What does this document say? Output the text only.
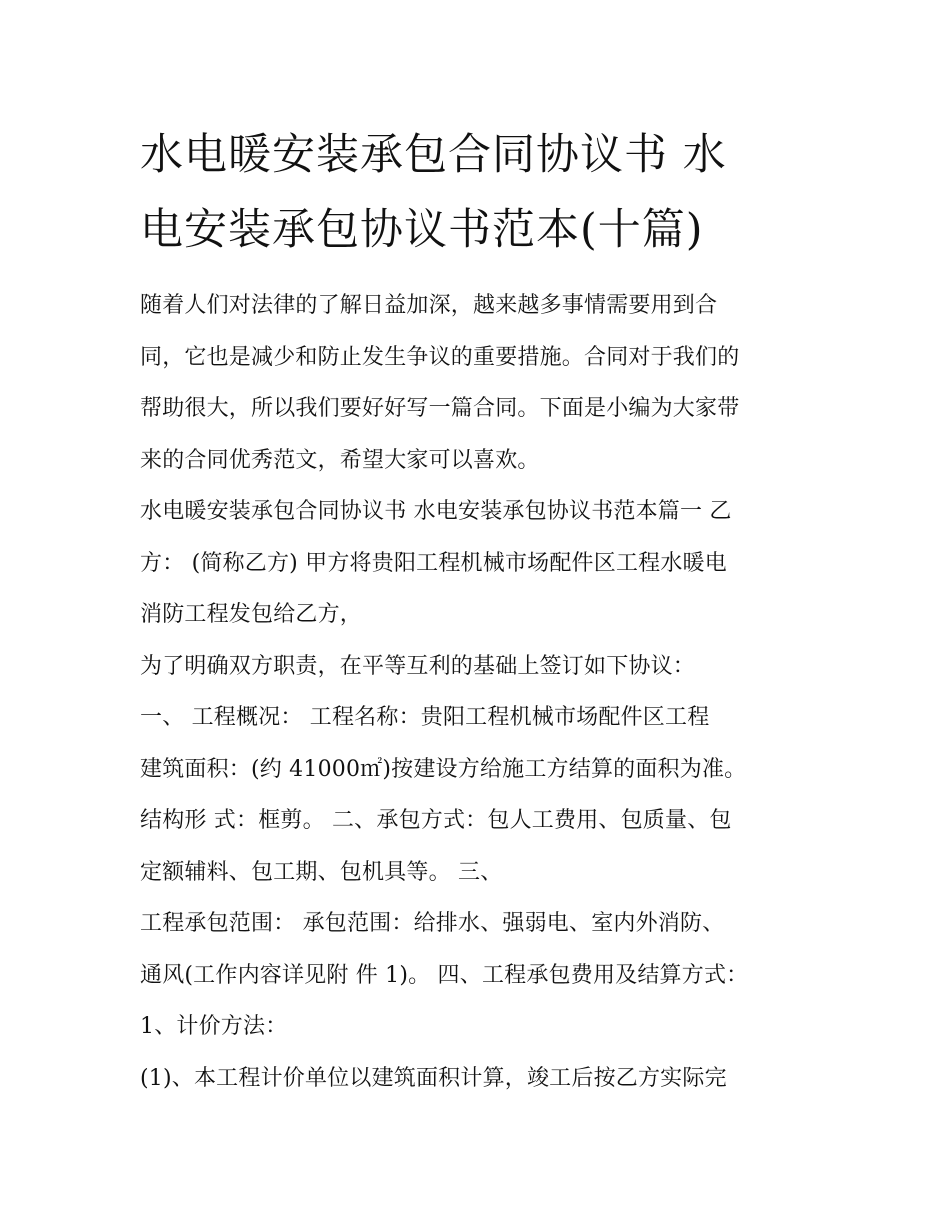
水电暖安装承包合同协议书 水
电安装承包协议书范本(十篇)
随着人们对法律的了解日益加深，越来越多事情需要用到合
同，它也是减少和防止发生争议的重要措施。合同对于我们的
帮助很大，所以我们要好好写一篇合同。下面是小编为大家带
来的合同优秀范文，希望大家可以喜欢。
水电暖安装承包合同协议书 水电安装承包协议书范本篇一 乙
方： (简称乙方) 甲方将贵阳工程机械市场配件区工程水暖电
消防工程发包给乙方，
为了明确双方职责，在平等互利的基础上签订如下协议：
一、 工程概况： 工程名称：贵阳工程机械市场配件区工程
建筑面积：(约 41000㎡)按建设方给施工方结算的面积为准。
结构形 式：框剪。 二、承包方式：包人工费用、包质量、包
定额辅料、包工期、包机具等。 三、
工程承包范围： 承包范围：给排水、强弱电、室内外消防、
通风(工作内容详见附 件 1)。 四、工程承包费用及结算方式：
1、计价方法：
(1)、本工程计价单位以建筑面积计算，竣工后按乙方实际完
